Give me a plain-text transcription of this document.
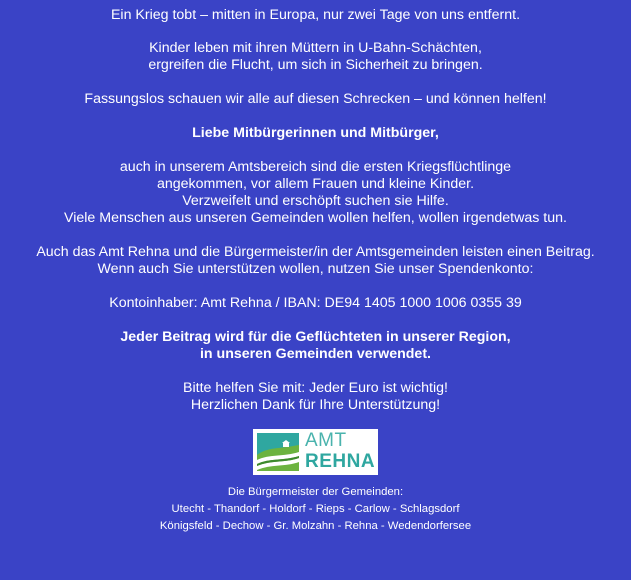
Ein Krieg tobt – mitten in Europa, nur zwei Tage von uns entfernt.

Kinder leben mit ihren Müttern in U-Bahn-Schächten,
ergreifen die Flucht, um sich in Sicherheit zu bringen.

Fassungslos schauen wir alle auf diesen Schrecken – und können helfen!

Liebe Mitbürgerinnen und Mitbürger,

auch in unserem Amtsbereich sind die ersten Kriegsflüchtlinge
angekommen, vor allem Frauen und kleine Kinder.
Verzweifelt und erschöpft suchen sie Hilfe.
Viele Menschen aus unseren Gemeinden wollen helfen, wollen irgendetwas tun.

Auch das Amt Rehna und die Bürgermeister/in der Amtsgemeinden leisten einen Beitrag.
Wenn auch Sie unterstützen wollen, nutzen Sie unser Spendenkonto:

Kontoinhaber: Amt Rehna / IBAN: DE94 1405 1000 1006 0355 39

Jeder Beitrag wird für die Geflüchteten in unserer Region,
in unseren Gemeinden verwendet.

Bitte helfen Sie mit: Jeder Euro ist wichtig!
Herzlichen Dank für Ihre Unterstützung!

AMT
REHNA
Die Bürgermeister der Gemeinden:
Utecht - Thandorf - Holdorf - Rieps - Carlow - Schlagsdorf
Königsfeld - Dechow - Gr. Molzahn - Rehna - Wedendorfersee
